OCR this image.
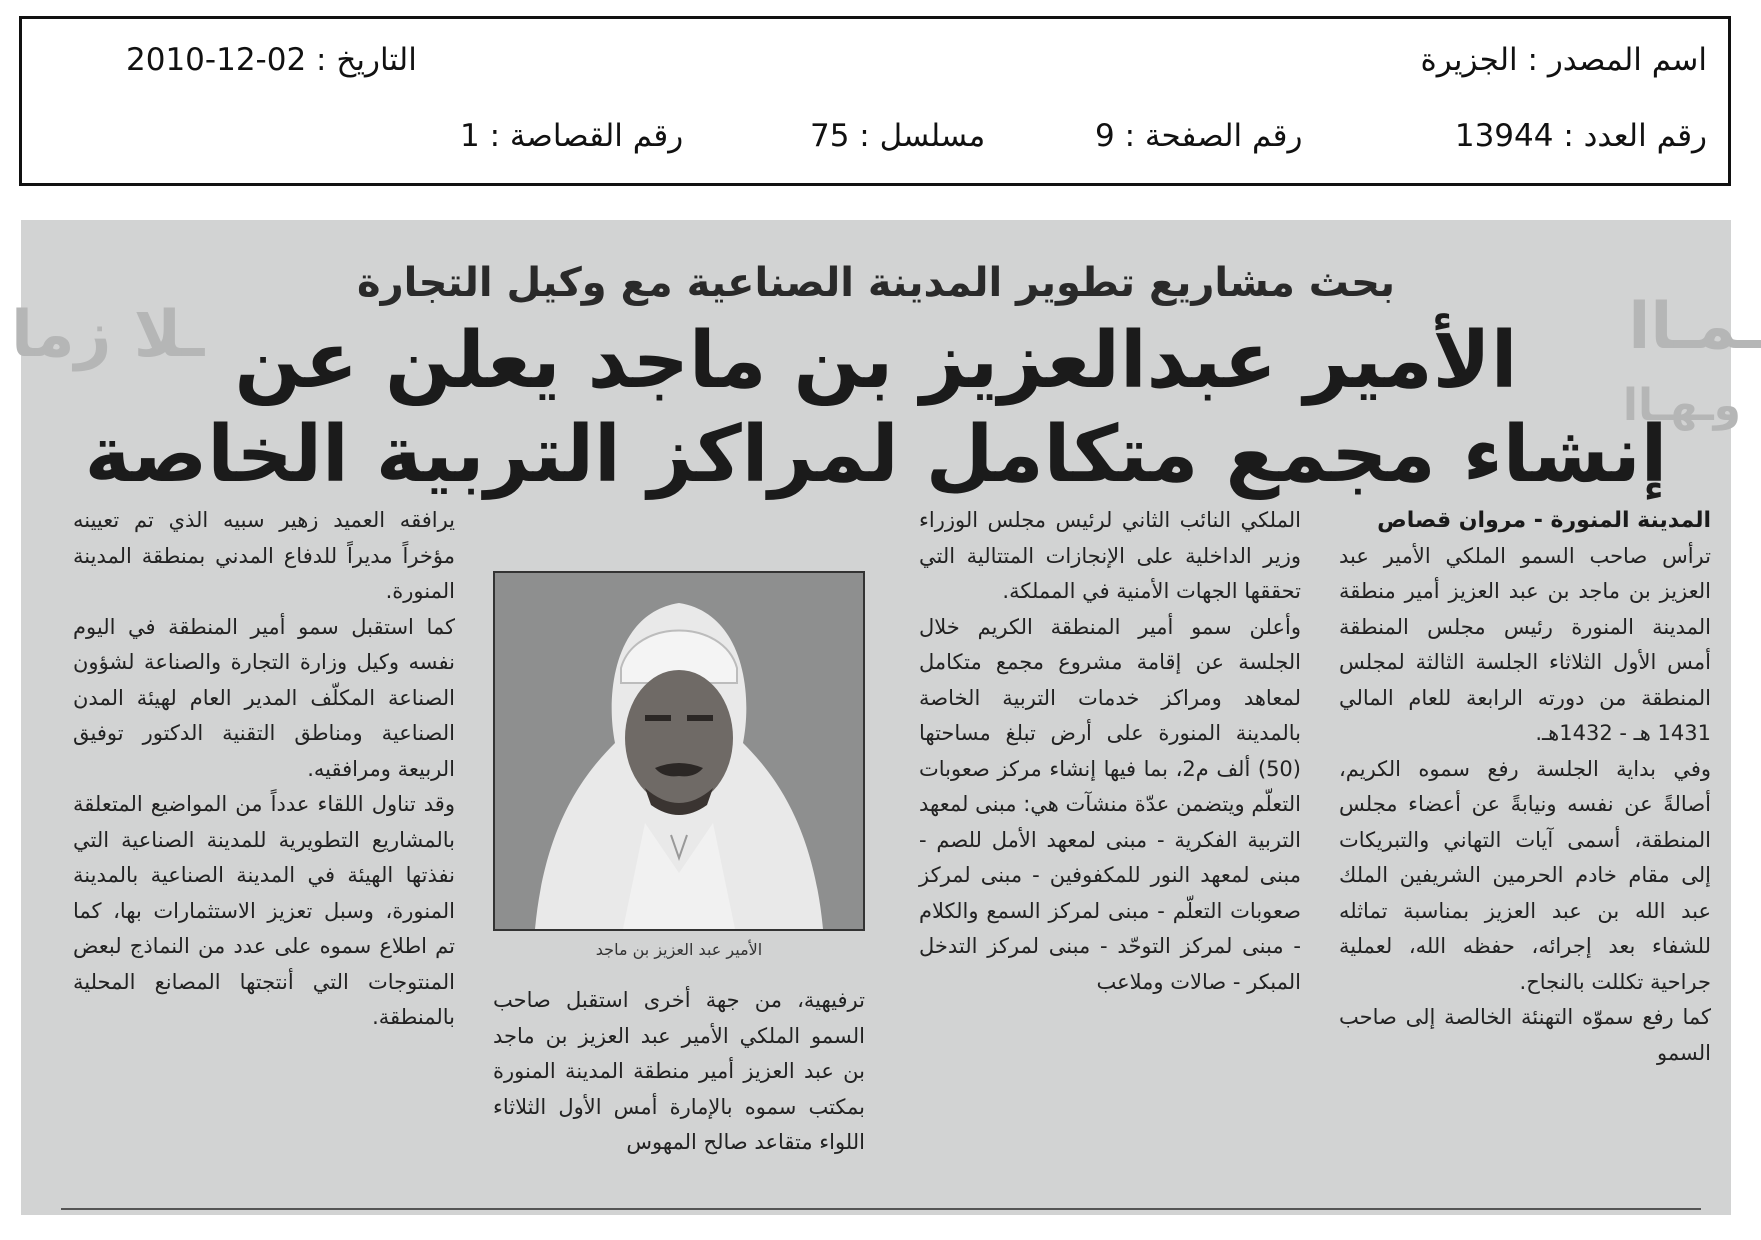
اسم المصدر : الجزيرة
التاريخ : 02-12-2010
رقم العدد : 13944
رقم الصفحة : 9
مسلسل : 75
رقم القصاصة : 1
ـلا زما	ـمـاا
وـهـاا
بحث مشاريع تطوير المدينة الصناعية مع وكيل التجارة
الأمير عبدالعزيز بن ماجد يعلن عن
إنشاء مجمع متكامل لمراكز التربية الخاصة

المدينة المنورة - مروان قصاص

ترأس صاحب السمو الملكي الأمير عبد العزيز بن ماجد بن عبد العزيز أمير منطقة المدينة المنورة رئيس مجلس المنطقة أمس الأول الثلاثاء الجلسة الثالثة لمجلس المنطقة من دورته الرابعة للعام المالي 1431 هـ - 1432هـ.

وفي بداية الجلسة رفع سموه الكريم، أصالةً عن نفسه ونيابةً عن أعضاء مجلس المنطقة، أسمى آيات التهاني والتبريكات إلى مقام خادم الحرمين الشريفين الملك عبد الله بن عبد العزيز بمناسبة تماثله للشفاء بعد إجرائه، حفظه الله، لعملية جراحية تكللت بالنجاح.

كما رفع سموّه التهنئة الخالصة إلى صاحب السمو

الملكي النائب الثاني لرئيس مجلس الوزراء وزير الداخلية على الإنجازات المتتالية التي تحققها الجهات الأمنية في المملكة.

وأعلن سمو أمير المنطقة الكريم خلال الجلسة عن إقامة مشروع مجمع متكامل لمعاهد ومراكز خدمات التربية الخاصة بالمدينة المنورة على أرض تبلغ مساحتها (50) ألف م2، بما فيها إنشاء مركز صعوبات التعلّم ويتضمن عدّة منشآت هي: مبنى لمعهد التربية الفكرية - مبنى لمعهد الأمل للصم - مبنى لمعهد النور للمكفوفين - مبنى لمركز صعوبات التعلّم - مبنى لمركز السمع والكلام - مبنى لمركز التوحّد - مبنى لمركز التدخل المبكر - صالات وملاعب

الأمير عبد العزيز بن ماجد

ترفيهية، من جهة أخرى استقبل صاحب السمو الملكي الأمير عبد العزيز بن ماجد بن عبد العزيز أمير منطقة المدينة المنورة بمكتب سموه بالإمارة أمس الأول الثلاثاء اللواء متقاعد صالح المهوس

يرافقه العميد زهير سبيه الذي تم تعيينه مؤخراً مديراً للدفاع المدني بمنطقة المدينة المنورة.

كما استقبل سمو أمير المنطقة في اليوم نفسه وكيل وزارة التجارة والصناعة لشؤون الصناعة المكلّف المدير العام لهيئة المدن الصناعية ومناطق التقنية الدكتور توفيق الربيعة ومرافقيه.

وقد تناول اللقاء عدداً من المواضيع المتعلقة بالمشاريع التطويرية للمدينة الصناعية التي نفذتها الهيئة في المدينة الصناعية بالمدينة المنورة، وسبل تعزيز الاستثمارات بها، كما تم اطلاع سموه على عدد من النماذج لبعض المنتوجات التي أنتجتها المصانع المحلية بالمنطقة.
